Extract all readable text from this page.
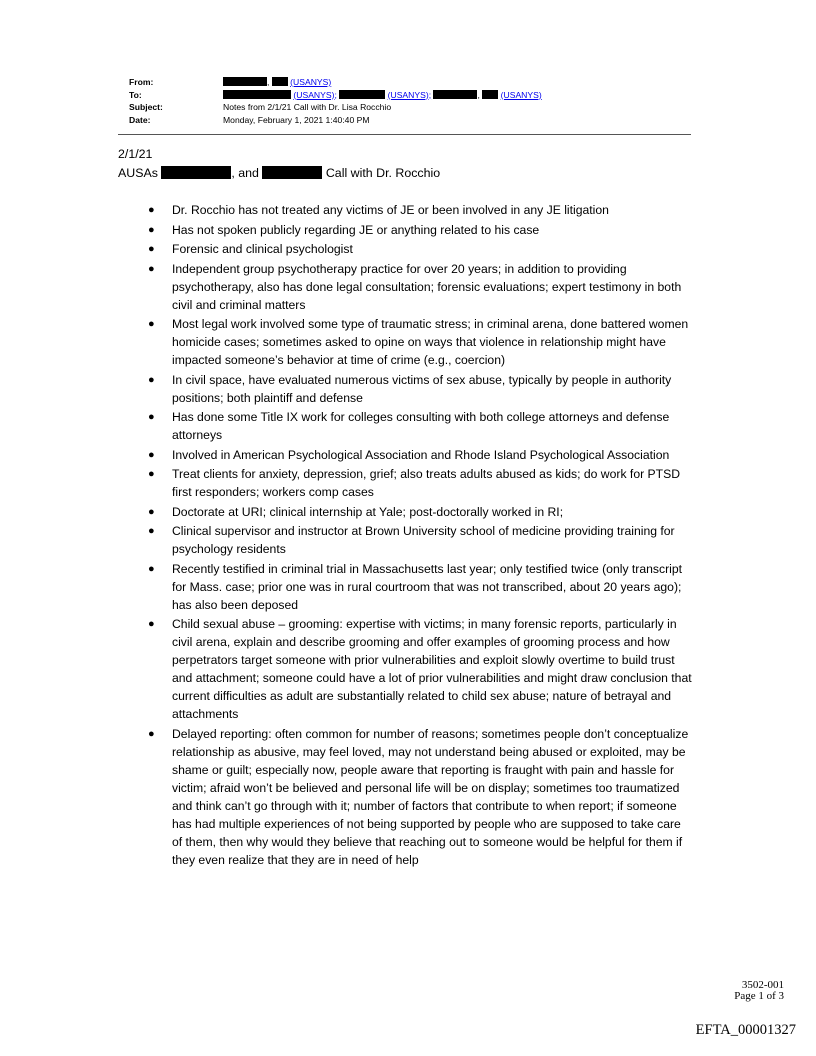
From:	,  (USANYS)
To:	(USANYS);	(USANYS);	,  (USANYS)
Subject:	Notes from 2/1/21 Call with Dr. Lisa Rocchio
Date:	Monday, February 1, 2021 1:40:40 PM
2/1/21
AUSAs	, and	Call with Dr. Rocchio
● Dr. Rocchio has not treated any victims of JE or been involved in any JE litigation
● Has not spoken publicly regarding JE or anything related to his case
● Forensic and clinical psychologist
● Independent group psychotherapy practice for over 20 years; in addition to providing psychotherapy, also has done legal consultation; forensic evaluations; expert testimony in both civil and criminal matters
● Most legal work involved some type of traumatic stress; in criminal arena, done battered women homicide cases; sometimes asked to opine on ways that violence in relationship might have impacted someone’s behavior at time of crime (e.g., coercion)
● In civil space, have evaluated numerous victims of sex abuse, typically by people in authority positions; both plaintiff and defense
● Has done some Title IX work for colleges consulting with both college attorneys and defense attorneys
● Involved in American Psychological Association and Rhode Island Psychological Association
● Treat clients for anxiety, depression, grief; also treats adults abused as kids; do work for PTSD first responders; workers comp cases
● Doctorate at URI; clinical internship at Yale; post-doctorally worked in RI;
● Clinical supervisor and instructor at Brown University school of medicine providing training for psychology residents
● Recently testified in criminal trial in Massachusetts last year; only testified twice (only transcript for Mass. case; prior one was in rural courtroom that was not transcribed, about 20 years ago); has also been deposed
● Child sexual abuse – grooming: expertise with victims; in many forensic reports, particularly in civil arena, explain and describe grooming and offer examples of grooming process and how perpetrators target someone with prior vulnerabilities and exploit slowly overtime to build trust and attachment; someone could have a lot of prior vulnerabilities and might draw conclusion that current difficulties as adult are substantially related to child sex abuse; nature of betrayal and attachments
● Delayed reporting: often common for number of reasons; sometimes people don’t conceptualize relationship as abusive, may feel loved, may not understand being abused or exploited, may be shame or guilt; especially now, people aware that reporting is fraught with pain and hassle for victim; afraid won’t be believed and personal life will be on display; sometimes too traumatized and think can’t go through with it; number of factors that contribute to when report; if someone has had multiple experiences of not being supported by people who are supposed to take care of them, then why would they believe that reaching out to someone would be helpful for them if they even realize that they are in need of help
3502-001
Page 1 of 3
EFTA_00001327
